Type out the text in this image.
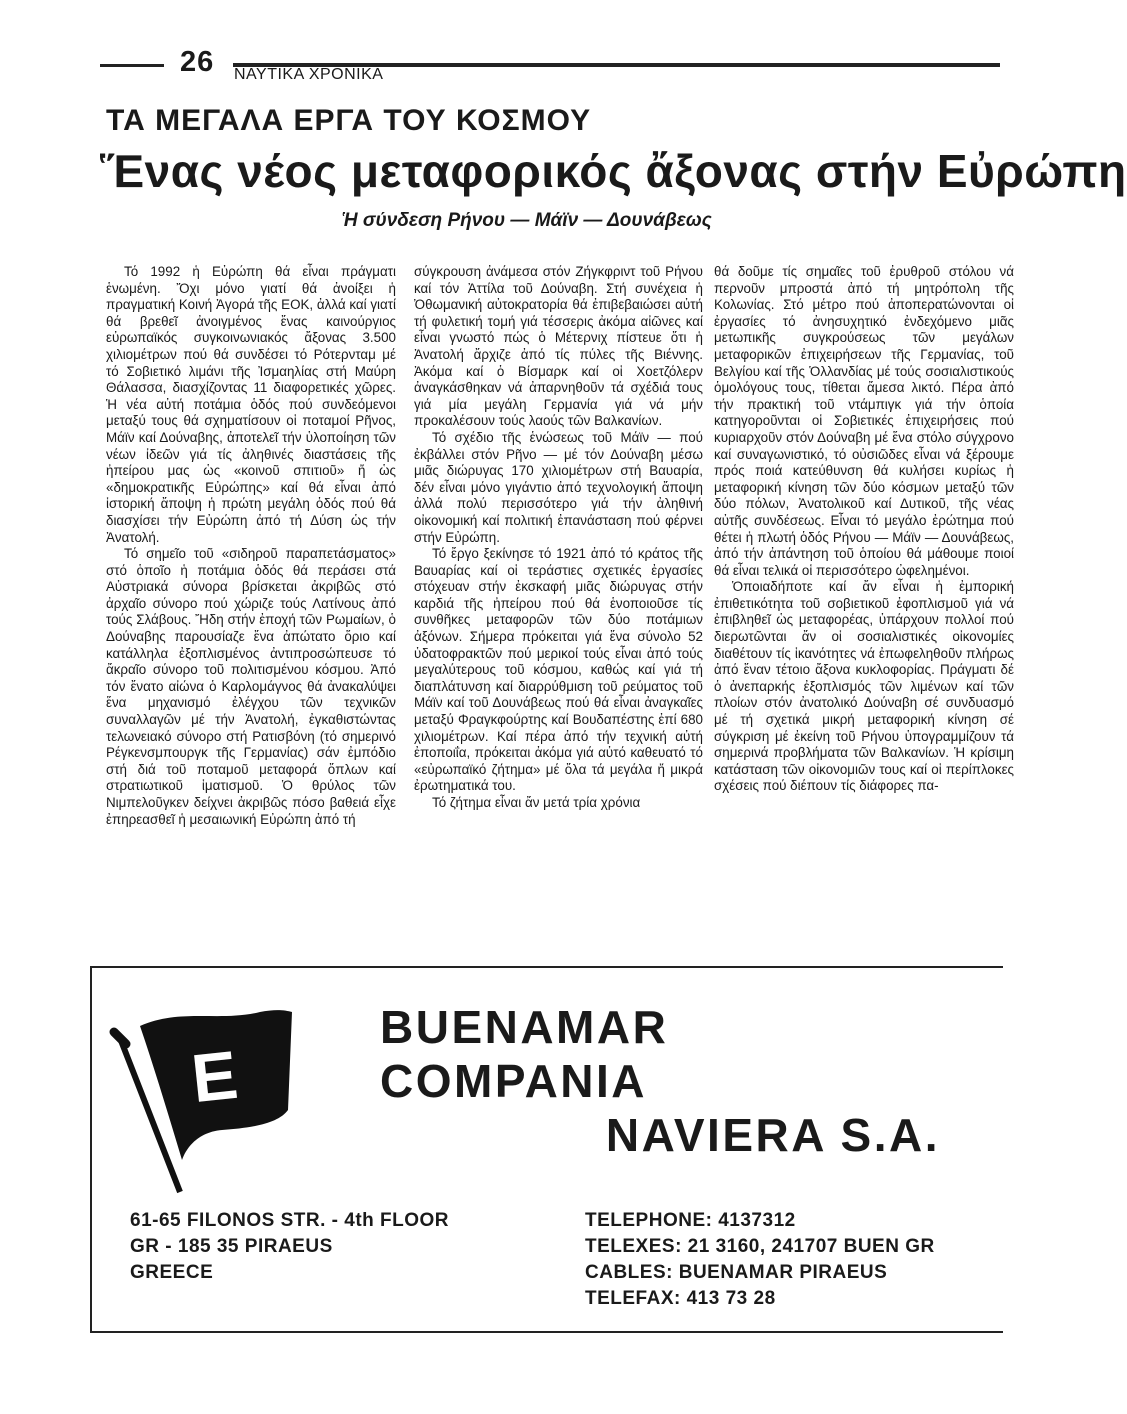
26 ΝΑΥΤΙΚΑ ΧΡΟΝΙΚΑ
ΤΑ ΜΕΓΑΛΑ ΕΡΓΑ ΤΟΥ ΚΟΣΜΟΥ
Ἕνας νέος μεταφορικός ἄξονας στήν Εὐρώπη
Ἡ σύνδεση Ρήνου — Μάϊν — Δουνάβεως

Τό 1992 ἡ Εὐρώπη θά εἶναι πράγματι ἑνωμένη. Ὄχι μόνο γιατί θά ἀνοίξει ἡ πραγματική Κοινή Ἀγορά τῆς ΕΟΚ, ἀλλά καί γιατί θά βρεθεῖ ἀνοιγμένος ἕνας καινούργιος εὐρωπαϊκός συγκοινωνιακός ἄξονας 3.500 χιλιομέτρων πού θά συνδέσει τό Ρότερνταμ μέ τό Σοβιετικό λιμάνι τῆς Ἰσμαηλίας στή Μαύρη Θάλασσα, διασχίζοντας 11 διαφορετικές χῶρες. Ἡ νέα αὐτή ποτάμια ὁδός πού συνδεόμενοι μεταξύ τους θά σχηματίσουν οἱ ποταμοί Ρῆνος, Μάϊν καί Δούναβης, ἀποτελεῖ τήν ὑλοποίηση τῶν νέων ἰδεῶν γιά τίς ἀληθινές διαστάσεις τῆς ἠπείρου μας ὡς «κοινοῦ σπιτιοῦ» ἤ ὡς «δημοκρατικῆς Εὐρώπης» καί θά εἶναι ἀπό ἱστορική ἄποψη ἡ πρώτη μεγάλη ὁδός πού θά διασχίσει τήν Εὐρώπη ἀπό τή Δύση ὡς τήν Ἀνατολή.

Τό σημεῖο τοῦ «σιδηροῦ παραπετάσματος» στό ὁποῖο ἡ ποτάμια ὁδός θά περάσει στά Αὐστριακά σύνορα βρίσκεται ἀκριβῶς στό ἀρχαῖο σύνορο πού χώριζε τούς Λατίνους ἀπό τούς Σλάβους. Ἤδη στήν ἐποχή τῶν Ρωμαίων, ὁ Δούναβης παρουσίαζε ἕνα ἀπώτατο ὅριο καί κατάλληλα ἐξοπλισμένος ἀντιπροσώπευσε τό ἄκραῖο σύνορο τοῦ πολιτισμένου κόσμου. Ἀπό τόν ἔνατο αἰώνα ὁ Καρλομάγνος θά ἀνακαλύψει ἕνα μηχανισμό ἐλέγχου τῶν τεχνικῶν συναλλαγῶν μέ τήν Ἀνατολή, ἐγκαθιστώντας τελωνειακό σύνορο στή Ρατισβόνη (τό σημερινό Ρέγκενσμπουργκ τῆς Γερμανίας) σάν ἐμπόδιο στή διά τοῦ ποταμοῦ μεταφορά ὅπλων καί στρατιωτικοῦ ἱματισμοῦ. Ὁ θρύλος τῶν Νιμπελοῦγκεν δείχνει ἀκριβῶς πόσο βαθειά εἶχε ἐπηρεασθεῖ ἡ μεσαιωνική Εὐρώπη ἀπό τή

σύγκρουση ἀνάμεσα στόν Ζήγκφριντ τοῦ Ρήνου καί τόν Ἀττίλα τοῦ Δούναβη. Στή συνέχεια ἡ Ὀθωμανική αὐτοκρατορία θά ἐπιβεβαιώσει αὐτή τή φυλετική τομή γιά τέσσερις ἀκόμα αἰῶνες καί εἶναι γνωστό πώς ὁ Μέτερνιχ πίστευε ὅτι ἡ Ἀνατολή ἄρχιζε ἀπό τίς πύλες τῆς Βιέννης. Ἀκόμα καί ὁ Βίσμαρκ καί οἱ Χοετζόλερν ἀναγκάσθηκαν νά ἀπαρνηθοῦν τά σχέδιά τους γιά μία μεγάλη Γερμανία γιά νά μήν προκαλέσουν τούς λαούς τῶν Βαλκανίων.

Τό σχέδιο τῆς ἑνώσεως τοῦ Μάϊν — πού ἐκβάλλει στόν Ρῆνο — μέ τόν Δούναβη μέσω μιᾶς διώρυγας 170 χιλιομέτρων στή Βαυαρία, δέν εἶναι μόνο γιγάντιο ἀπό τεχνολογική ἄποψη ἀλλά πολύ περισσότερο γιά τήν ἀληθινή οἰκονομική καί πολιτική ἐπανάσταση πού φέρνει στήν Εὐρώπη.

Τό ἔργο ξεκίνησε τό 1921 ἀπό τό κράτος τῆς Βαυαρίας καί οἱ τεράστιες σχετικές ἐργασίες στόχευαν στήν ἐκσκαφή μιᾶς διώρυγας στήν καρδιά τῆς ἠπείρου πού θά ἑνοποιοῦσε τίς συνθῆκες μεταφορῶν τῶν δύο ποτάμιων ἀξόνων. Σήμερα πρόκειται γιά ἕνα σύνολο 52 ὑδατοφρακτῶν πού μερικοί τούς εἶναι ἀπό τούς μεγαλύτερους τοῦ κόσμου, καθώς καί γιά τή διαπλάτυνση καί διαρρύθμιση τοῦ ρεύματος τοῦ Μάϊν καί τοῦ Δουνάβεως πού θά εἶναι ἀναγκαῖες μεταξύ Φραγκφούρτης καί Βουδαπέστης ἐπί 680 χιλιομέτρων. Καί πέρα ἀπό τήν τεχνική αὐτή ἐποποιΐα, πρόκειται ἀκόμα γιά αὐτό καθευατό τό «εὐρωπαϊκό ζήτημα» μέ ὅλα τά μεγάλα ἤ μικρά ἐρωτηματικά του.

Τό ζήτημα εἶναι ἄν μετά τρία χρόνια

θά δοῦμε τίς σημαῖες τοῦ ἐρυθροῦ στόλου νά περνοῦν μπροστά ἀπό τή μητρόπολη τῆς Κολωνίας. Στό μέτρο πού ἀποπερατώνονται οἱ ἐργασίες τό ἀνησυχητικό ἐνδεχόμενο μιᾶς μετωπικῆς συγκρούσεως τῶν μεγάλων μεταφορικῶν ἐπιχειρήσεων τῆς Γερμανίας, τοῦ Βελγίου καί τῆς Ὁλλανδίας μέ τούς σοσιαλιστικούς ὁμολόγους τους, τίθεται ἄμεσα λικτό. Πέρα ἀπό τήν πρακτική τοῦ ντάμπιγκ γιά τήν ὁποία κατηγοροῦνται οἱ Σοβιετικές ἐπιχειρήσεις πού κυριαρχοῦν στόν Δούναβη μέ ἕνα στόλο σύγχρονο καί συναγωνιστικό, τό οὐσιῶδες εἶναι νά ξέρουμε πρός ποιά κατεύθυνση θά κυλήσει κυρίως ἡ μεταφορική κίνηση τῶν δύο κόσμων μεταξύ τῶν δύο πόλων, Ἀνατολικοῦ καί Δυτικοῦ, τῆς νέας αὐτῆς συνδέσεως. Εἶναι τό μεγάλο ἐρώτημα πού θέτει ἡ πλωτή ὁδός Ρήνου — Μάϊν — Δουνάβεως, ἀπό τήν ἀπάντηση τοῦ ὁποίου θά μάθουμε ποιοί θά εἶναι τελικά οἱ περισσότερο ὠφελημένοι.

Ὁποιαδήποτε καί ἄν εἶναι ἡ ἐμπορική ἐπιθετικότητα τοῦ σοβιετικοῦ ἐφοπλισμοῦ γιά νά ἐπιβληθεῖ ὡς μεταφορέας, ὑπάρχουν πολλοί πού διερωτῶνται ἄν οἱ σοσιαλιστικές οἰκονομίες διαθέτουν τίς ἱκανότητες νά ἐπωφεληθοῦν πλήρως ἀπό ἕναν τέτοιο ἄξονα κυκλοφορίας. Πράγματι δέ ὁ ἀνεπαρκής ἐξοπλισμός τῶν λιμένων καί τῶν πλοίων στόν ἀνατολικό Δούναβη σέ συνδυασμό μέ τή σχετικά μικρή μεταφορική κίνηση σέ σύγκριση μέ ἐκείνη τοῦ Ρήνου ὑπογραμμίζουν τά σημερινά προβλήματα τῶν Βαλκανίων. Ἡ κρίσιμη κατάσταση τῶν οἰκονομιῶν τους καί οἱ περίπλοκες σχέσεις πού διέπουν τίς διάφορες πα-

E
BUENAMAR COMPANIA
NAVIERA S.A.
61-65 FILONOS STR. - 4th FLOOR
GR - 185 35 PIRAEUS
GREECE
TELEPHONE: 4137312
TELEXES: 21 3160, 241707 BUEN GR
CABLES: BUENAMAR PIRAEUS
TELEFAX: 413 73 28
